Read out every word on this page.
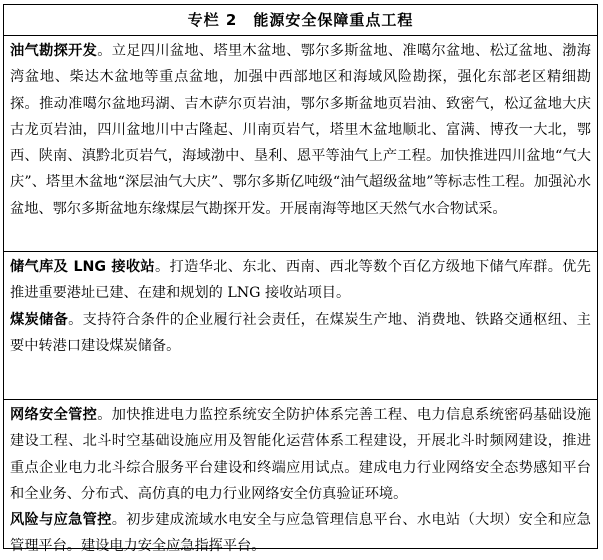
专栏 2 能源安全保障重点工程

油气勘探开发。立足四川盆地、塔里木盆地、鄂尔多斯盆地、准噶尔盆地、松辽盆地、渤海湾盆地、柴达木盆地等重点盆地，加强中西部地区和海域风险勘探，强化东部老区精细勘探。推动准噶尔盆地玛湖、吉木萨尔页岩油，鄂尔多斯盆地页岩油、致密气，松辽盆地大庆古龙页岩油，四川盆地川中古隆起、川南页岩气，塔里木盆地顺北、富满、博孜一大北，鄂西、陕南、滇黔北页岩气，海域渤中、垦利、恩平等油气上产工程。加快推进四川盆地“气大庆”、塔里木盆地“深层油气大庆”、鄂尔多斯亿吨级“油气超级盆地”等标志性工程。加强沁水盆地、鄂尔多斯盆地东缘煤层气勘探开发。开展南海等地区天然气水合物试采。

储气库及 LNG 接收站。打造华北、东北、西南、西北等数个百亿方级地下储气库群。优先推进重要港址已建、在建和规划的 LNG 接收站项目。

煤炭储备。支持符合条件的企业履行社会责任，在煤炭生产地、消费地、铁路交通枢纽、主要中转港口建设煤炭储备。

网络安全管控。加快推进电力监控系统安全防护体系完善工程、电力信息系统密码基础设施建设工程、北斗时空基础设施应用及智能化运营体系工程建设，开展北斗时频网建设，推进重点企业电力北斗综合服务平台建设和终端应用试点。建成电力行业网络安全态势感知平台和全业务、分布式、高仿真的电力行业网络安全仿真验证环境。

风险与应急管控。初步建成流域水电安全与应急管理信息平台、水电站（大坝）安全和应急管理平台。建设电力安全应急指挥平台。
